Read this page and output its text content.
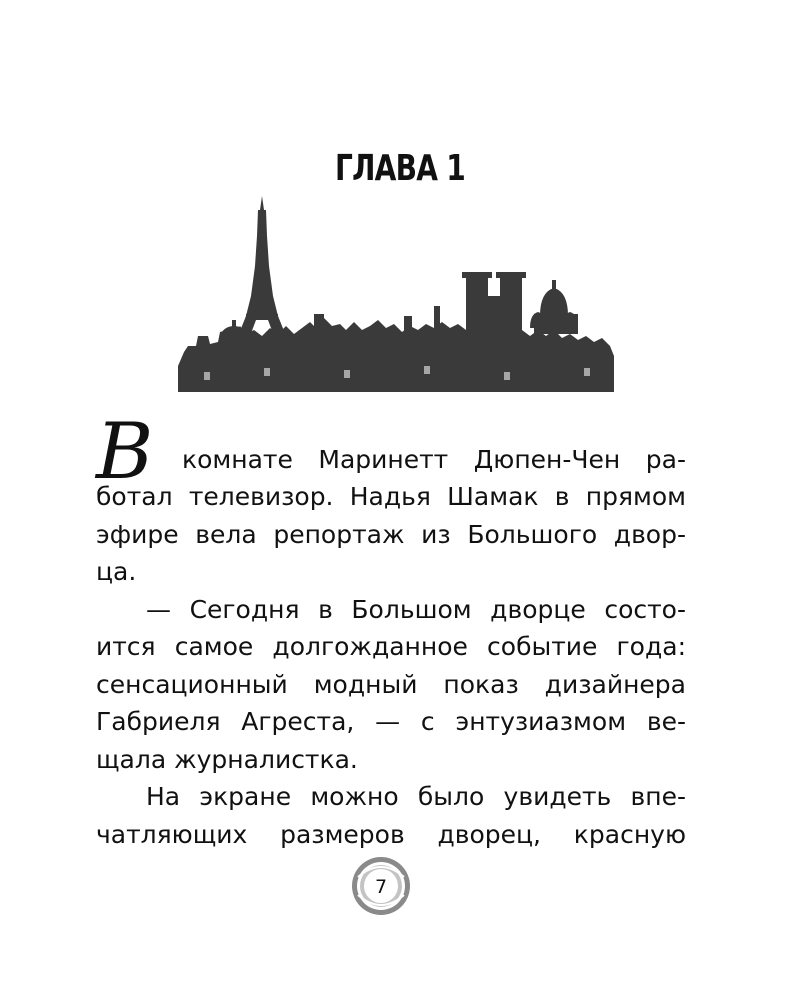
ГЛАВА 1
В	комнате Маринетт Дюпен-Чен ра-
ботал телевизор. Надья Шамак в прямом
эфире вела репортаж из Большого двор-
ца.
— Сегодня в Большом дворце состо-
ится самое долгожданное событие года:
сенсационный модный показ дизайнера
Габриеля Агреста, — с энтузиазмом ве-
щала журналистка.
На экране можно было увидеть впе-
чатляющих размеров дворец, красную
7
